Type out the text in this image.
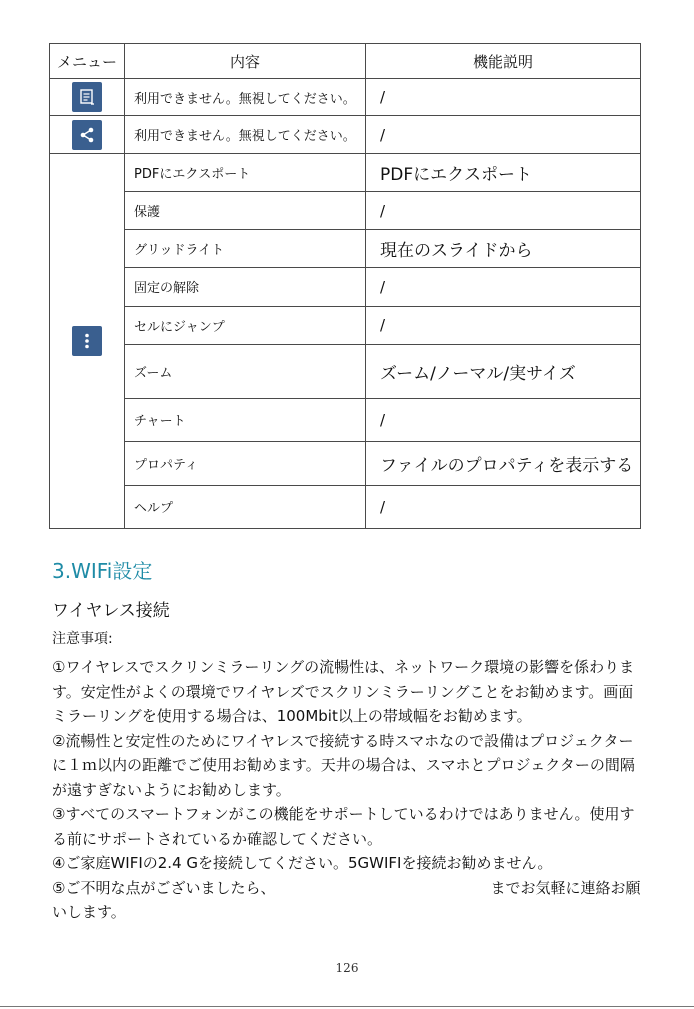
メニュー	内容	機能説明

	利用できません。無視してください。	/

	利用できません。無視してください。	/

	PDFにエクスポート	PDFにエクスポート
	保護	/
	グリッドライト	現在のスライドから
	固定の解除	/
	セルにジャンプ	/
	ズーム	ズーム/ノーマル/実サイズ
	チャート	/
	プロパティ	ファイルのプロパティを表示する
	ヘルプ	/
3.WIFi設定
ワイヤレス接続
注意事項:

①ワイヤレスでスクリンミラーリングの流暢性は、ネットワーク環境の影響を係わります。安定性がよくの環境でワイヤレズでスクリンミラーリングことをお勧めます。画面ミラーリングを使用する場合は、100Mbit以上の帯域幅をお勧めます。

②流暢性と安定性のためにワイヤレスで接続する時スマホなので設備はプロジェクターに１ｍ以内の距離でご使用お勧めます。天井の場合は、スマホとプロジェクターの間隔が遠すぎないようにお勧めします。

③すべてのスマートフォンがこの機能をサポートしているわけではありません。使用する前にサポートされているか確認してください。

④ご家庭WIFIの2.4 Gを接続してください。5GWIFIを接続お勧めません。

⑤ご不明な点がございましたら、	までお気軽に連絡お願いします。

126
